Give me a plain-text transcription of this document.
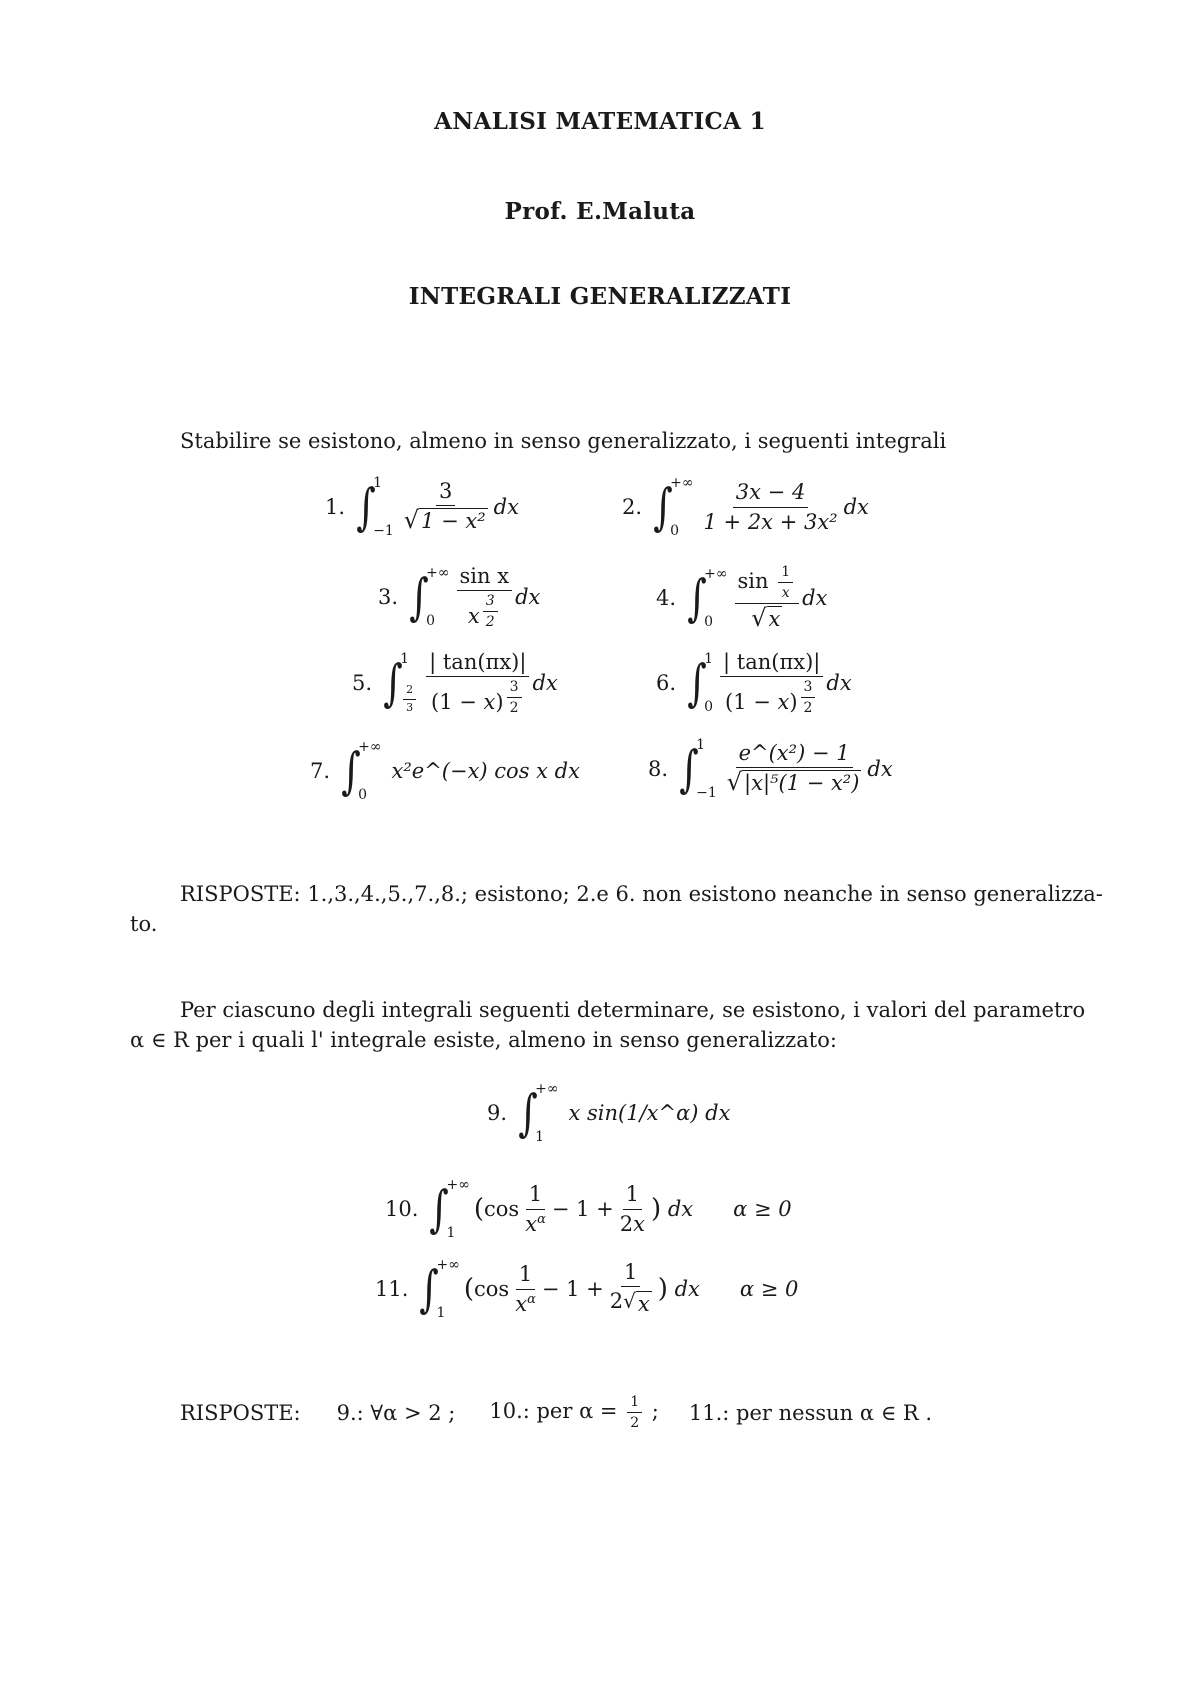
ANALISI MATEMATICA 1
Prof. E.Maluta
INTEGRALI GENERALIZZATI
Stabilire se esistono, almeno in senso generalizzato, i seguenti integrali
1. ∫
1
$-1 \frac{3}{\text{√ 1 − x²}}$ dx	2. ∫
+∞
0	$\frac{3x - 4}{\text{1 + 2x + 3x²}}$ dx
3. ∫
+∞
0	sin x
x $^{\frac{3}{2}}$ dx	4. ∫
+∞
0	$\frac{\sin \frac{1}{x}}{√ x}$ dx
5. ∫
1
$\frac{2}{3}$ | tan(πx)|
(1 − x) $^{\frac{3}{2}}$ dx	6. ∫
1
0 | tan(πx)|
(1 − x) $^{\frac{3}{2}}$ dx
7. ∫
+∞
0
x²e^(−x) cos x dx	8. ∫
1
$-1 \frac{\text{e\textasciicircum{}(x²) − 1}}{\text{√ |x|⁵(1 − x²)}}$ dx
RISPOSTE: 1.,3.,4.,5.,7.,8.; esistono; 2.e 6. non esistono neanche in senso generalizza-
to.
Per ciascuno degli integrali seguenti determinare, se esistono, i valori del parametro
α ∈ R per i quali l' integrale esiste, almeno in senso generalizzato:
9. ∫
+∞
1
x sin(1/x^α) dx
10. ∫
+∞
1
( $\cos \frac{1}{x^\alpha} - 1 + \frac{1}{2x}$ )
dx α ≥ 0
11. ∫
+∞
1
( $\cos \frac{1}{x^\alpha} - 1 + \frac{1}{2 √ x}$ )
dx α ≥ 0
RISPOSTE: 9.: ∀α > 2 ; 10.: per $\alpha = \frac{1}{2}$ ; 11.: per nessun α ∈ R .
